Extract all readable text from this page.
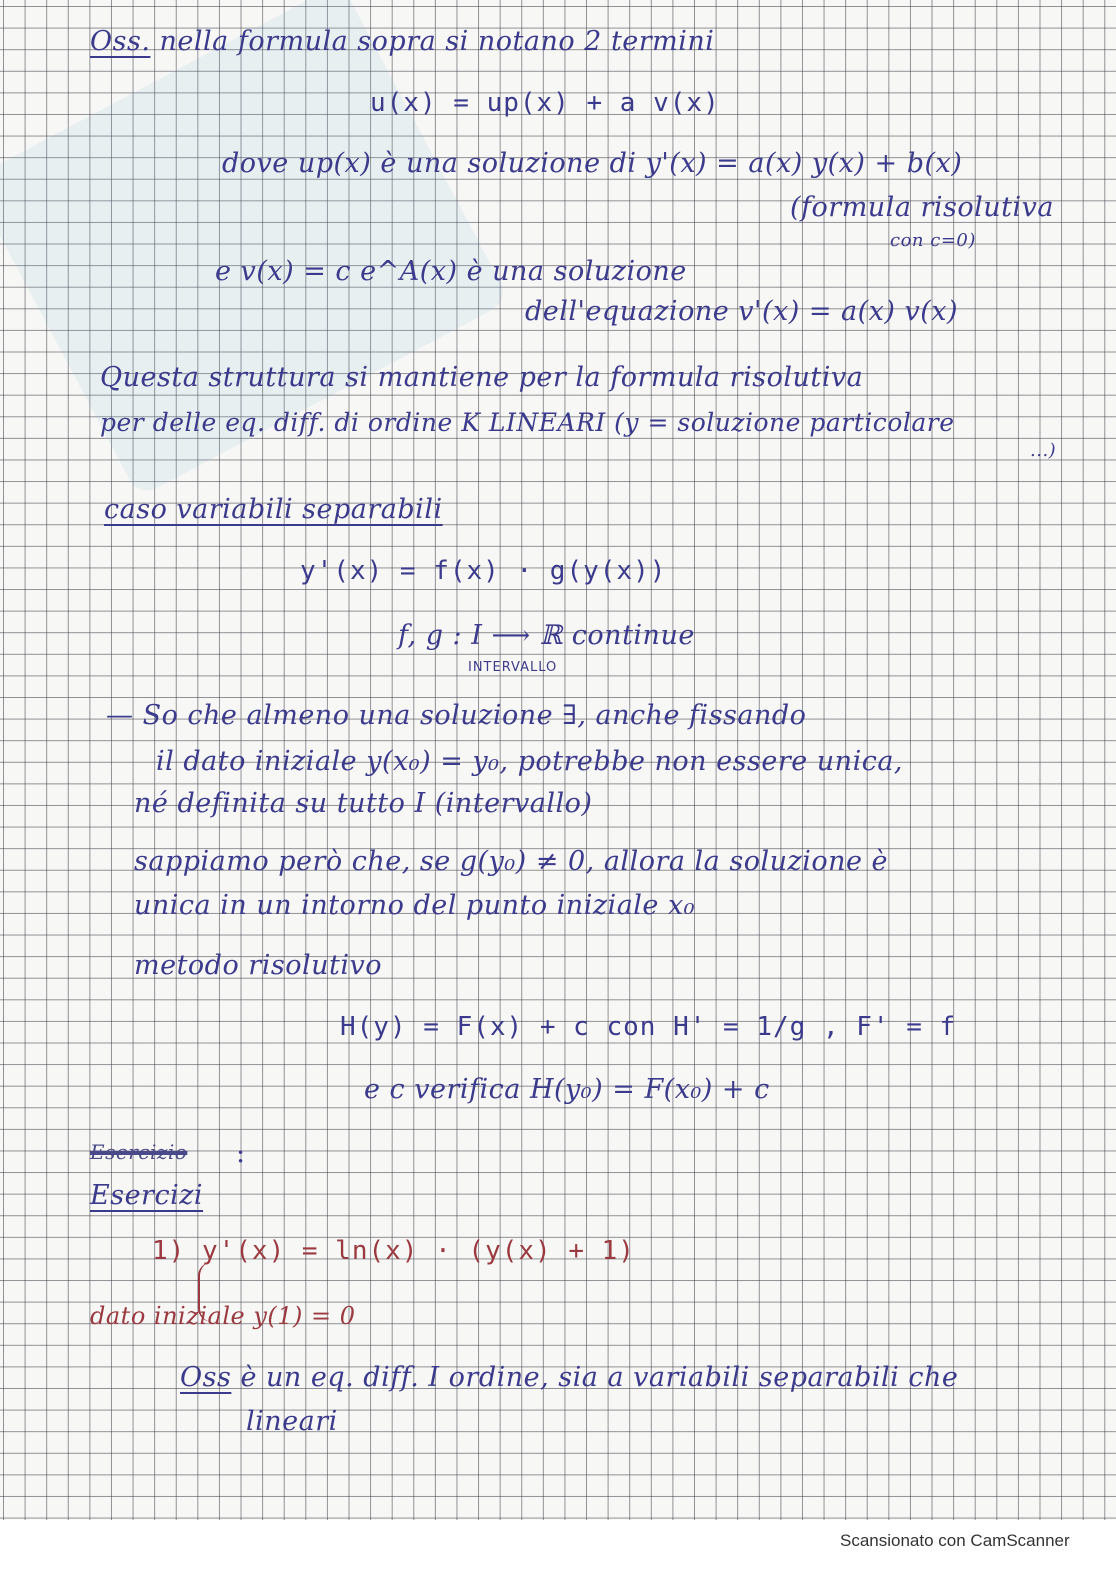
Oss. nella formula sopra si notano 2 termini
u(x) = up(x) + a v(x)
dove up(x) è una soluzione di y'(x) = a(x) y(x) + b(x)
(formula risolutiva
con c=0)
e v(x) = c e^A(x) è una soluzione
dell'equazione v'(x) = a(x) v(x)
Questa struttura si mantiene per la formula risolutiva
per delle eq. diff. di ordine K LINEARI (y = soluzione particolare
...)
caso variabili separabili
y'(x) = f(x) · g(y(x))
f, g : I ⟶ ℝ continue
INTERVALLO
— So che almeno una soluzione ∃, anche fissando
il dato iniziale y(x₀) = y₀, potrebbe non essere unica,
né definita su tutto I (intervallo)
sappiamo però che, se g(y₀) ≠ 0, allora la soluzione è
unica in un intorno del punto iniziale x₀
metodo risolutivo
H(y) = F(x) + c con H' = 1/g , F' = f
e c verifica H(y₀) = F(x₀) + c
Esercizio :
Esercizi
1) y'(x) = ln(x) · (y(x) + 1)
dato iniziale y(1) = 0
Oss è un eq. diff. I ordine, sia a variabili separabili che
lineari
Scansionato con CamScanner
